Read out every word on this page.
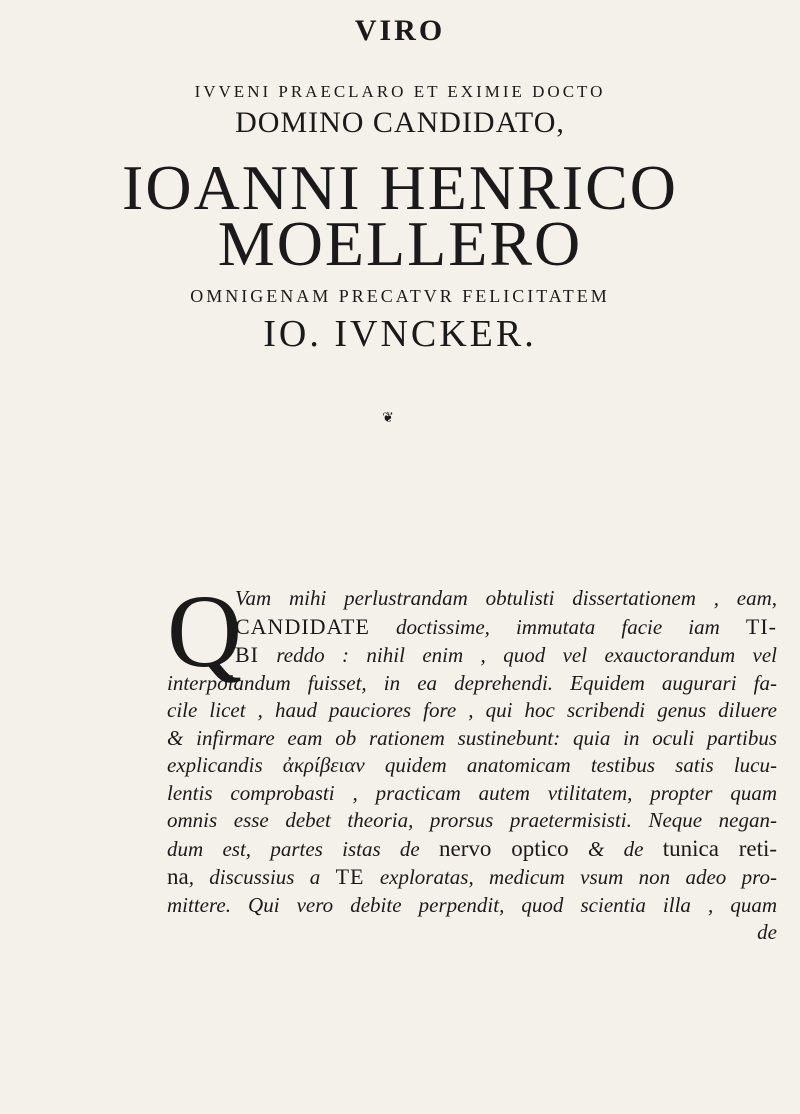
VIRO
IVVENI PRAECLARO ET EXIMIE DOCTO
DOMINO CANDIDATO,
IOANNI HENRICO
MOELLERO
OMNIGENAM PRECATVR FELICITATEM
IO. IVNCKER.
❦
Q
Vam mihi perlustrandam obtulisti dissertationem , eam,
CANDIDATE doctissime, immutata facie iam TI-
BI reddo : nihil enim , quod vel exauctorandum vel
interpolandum fuisset, in ea deprehendi. Equidem augurari fa-
cile licet , haud pauciores fore , qui hoc scribendi genus diluere
& infirmare eam ob rationem sustinebunt: quia in oculi partibus
explicandis ἀκρίβειαν quidem anatomicam testibus satis lucu-
lentis comprobasti , practicam autem vtilitatem, propter quam
omnis esse debet theoria, prorsus praetermisisti. Neque negan-
dum est, partes istas de nervo optico & de tunica reti-
na, discussius a TE exploratas, medicum vsum non adeo pro-
mittere. Qui vero debite perpendit, quod scientia illa , quam
de
